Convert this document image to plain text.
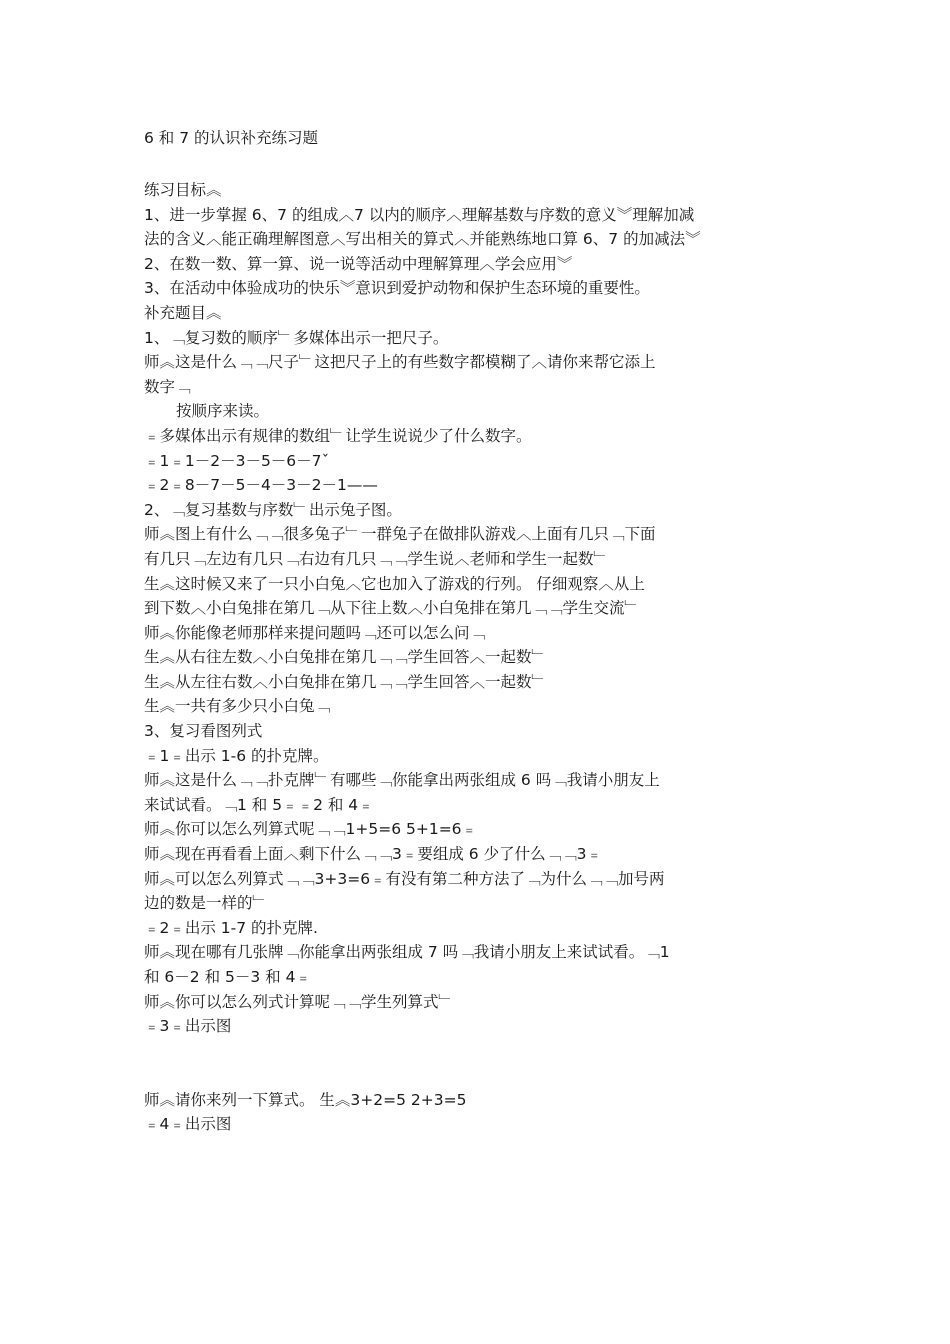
6 和 7 的认识补充练习题
练习目标︽
1、进一步掌握 6、7 的组成︿7 以内的顺序︿理解基数与序数的意义︾理解加减
法的含义︿能正确理解图意︿写出相关的算式︿并能熟练地口算 6、7 的加减法︾
2、在数一数、算一算、说一说等活动中理解算理︿学会应用︾
3、在活动中体验成功的快乐︾意识到爱护动物和保护生态环境的重要性。
补充题目︽
1、﹁复习数的顺序﹂多媒体出示一把尺子。
师︽这是什么﹁﹁尺子﹂这把尺子上的有些数字都模糊了︿请你来帮它添上
数字﹁
按顺序来读。
﹦多媒体出示有规律的数组﹂让学生说说少了什么数字。
﹦1﹦1－2－3－5－6－7ˇ
﹦2﹦8－7－5－4－3－2－1——
2、﹁复习基数与序数﹂出示兔子图。
师︽图上有什么﹁﹁很多兔子﹂一群兔子在做排队游戏︿上面有几只﹁下面
有几只﹁左边有几只﹁右边有几只﹁﹁学生说︿老师和学生一起数﹂
生︽这时候又来了一只小白兔︿它也加入了游戏的行列。 仔细观察︿从上
到下数︿小白兔排在第几﹁从下往上数︿小白兔排在第几﹁﹁学生交流﹂
师︽你能像老师那样来提问题吗﹁还可以怎么问﹁
生︽从右往左数︿小白兔排在第几﹁﹁学生回答︿一起数﹂
生︽从左往右数︿小白兔排在第几﹁﹁学生回答︿一起数﹂
生︽一共有多少只小白兔﹁
3、复习看图列式
﹦1﹦出示 1-6 的扑克牌。
师︽这是什么﹁﹁扑克牌﹂有哪些﹁你能拿出两张组成 6 吗﹁我请小朋友上
来试试看。﹁1 和 5﹦﹦2 和 4﹦
师︽你可以怎么列算式呢﹁﹁1+5=6 5+1=6﹦
师︽现在再看看上面︿剩下什么﹁﹁3﹦要组成 6 少了什么﹁﹁3﹦
师︽可以怎么列算式﹁﹁3+3=6﹦有没有第二种方法了﹁为什么﹁﹁加号两
边的数是一样的﹂
﹦2﹦出示 1-7 的扑克牌.
师︽现在哪有几张牌﹁你能拿出两张组成 7 吗﹁我请小朋友上来试试看。﹁1
和 6－2 和 5－3 和 4﹦
师︽你可以怎么列式计算呢﹁﹁学生列算式﹂
﹦3﹦出示图
师︽请你来列一下算式。 生︽3+2=5 2+3=5
﹦4﹦出示图
